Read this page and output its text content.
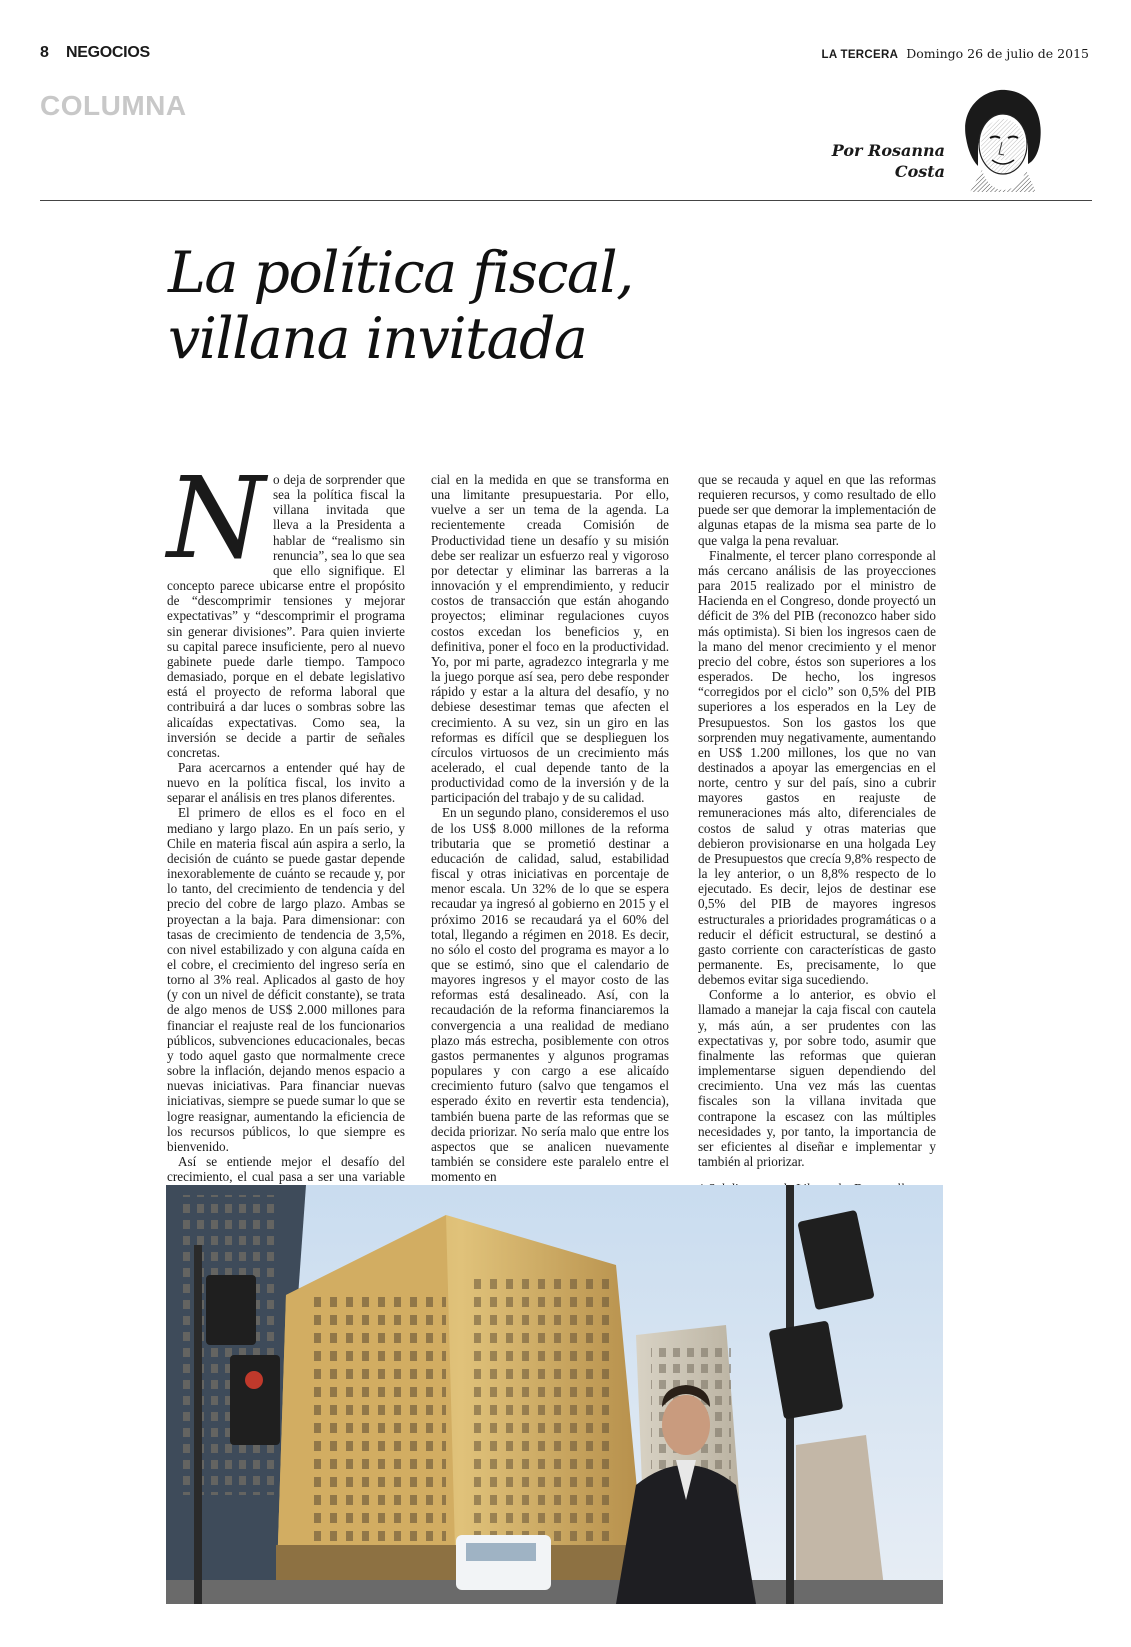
8 NEGOCIOS	LA TERCERA Domingo 26 de julio de 2015
COLUMNA
Por Rosanna
Costa
La política fiscal,
villana invitada
N o deja de sorprender que sea la política fiscal la villana invitada que lleva a la Presidenta a hablar de “realismo sin renuncia”, sea lo que sea que ello signifique. El concepto parece ubicarse entre el propósito de “descomprimir tensiones y mejorar expectativas” y “descomprimir el programa sin generar divisiones”. Para quien invierte su capital parece insuficiente, pero al nuevo gabinete puede darle tiempo. Tampoco demasiado, porque en el debate legislativo está el proyecto de reforma laboral que contribuirá a dar luces o sombras sobre las alicaídas expectativas. Como sea, la inversión se decide a partir de señales concretas.

Para acercarnos a entender qué hay de nuevo en la política fiscal, los invito a separar el análisis en tres planos diferentes.

El primero de ellos es el foco en el mediano y largo plazo. En un país serio, y Chile en materia fiscal aún aspira a serlo, la decisión de cuánto se puede gastar depende inexorablemente de cuánto se recaude y, por lo tanto, del crecimiento de tendencia y del precio del cobre de largo plazo. Ambas se proyectan a la baja. Para dimensionar: con tasas de crecimiento de tendencia de 3,5%, con nivel estabilizado y con alguna caída en el cobre, el crecimiento del ingreso sería en torno al 3% real. Aplicados al gasto de hoy (y con un nivel de déficit constante), se trata de algo menos de US$ 2.000 millones para financiar el reajuste real de los funcionarios públicos, subvenciones educacionales, becas y todo aquel gasto que normalmente crece sobre la inflación, dejando menos espacio a nuevas iniciativas. Para financiar nuevas iniciativas, siempre se puede sumar lo que se logre reasignar, aumentando la eficiencia de los recursos públicos, lo que siempre es bienvenido.

Así se entiende mejor el desafío del crecimiento, el cual pasa a ser una variable

cial en la medida en que se transforma en una limitante presupuestaria. Por ello, vuelve a ser un tema de la agenda. La recientemente creada Comisión de Productividad tiene un desafío y su misión debe ser realizar un esfuerzo real y vigoroso por detectar y eliminar las barreras a la innovación y el emprendimiento, y reducir costos de transacción que están ahogando proyectos; eliminar regulaciones cuyos costos excedan los beneficios y, en definitiva, poner el foco en la productividad. Yo, por mi parte, agradezco integrarla y me la juego porque así sea, pero debe responder rápido y estar a la altura del desafío, y no debiese desestimar temas que afecten el crecimiento. A su vez, sin un giro en las reformas es difícil que se desplieguen los círculos virtuosos de un crecimiento más acelerado, el cual depende tanto de la productividad como de la inversión y de la participación del trabajo y de su calidad.

En un segundo plano, consideremos el uso de los US$ 8.000 millones de la reforma tributaria que se prometió destinar a educación de calidad, salud, estabilidad fiscal y otras iniciativas en porcentaje de menor escala. Un 32% de lo que se espera recaudar ya ingresó al gobierno en 2015 y el próximo 2016 se recaudará ya el 60% del total, llegando a régimen en 2018. Es decir, no sólo el costo del programa es mayor a lo que se estimó, sino que el calendario de mayores ingresos y el mayor costo de las reformas está desalineado. Así, con la recaudación de la reforma financiaremos la convergencia a una realidad de mediano plazo más estrecha, posiblemente con otros gastos permanentes y algunos programas populares y con cargo a ese alicaído crecimiento futuro (salvo que tengamos el esperado éxito en revertir esta tendencia), también buena parte de las reformas que se decida priorizar. No sería malo que entre los aspectos que se analicen nuevamente también se considere este paralelo entre el momento en

que se recauda y aquel en que las reformas requieren recursos, y como resultado de ello puede ser que demorar la implementación de algunas etapas de la misma sea parte de lo que valga la pena revaluar.

Finalmente, el tercer plano corresponde al más cercano análisis de las proyecciones para 2015 realizado por el ministro de Hacienda en el Congreso, donde proyectó un déficit de 3% del PIB (reconozco haber sido más optimista). Si bien los ingresos caen de la mano del menor crecimiento y el menor precio del cobre, éstos son superiores a los esperados. De hecho, los ingresos “corregidos por el ciclo” son 0,5% del PIB superiores a los esperados en la Ley de Presupuestos. Son los gastos los que sorprenden muy negativamente, aumentando en US$ 1.200 millones, los que no van destinados a apoyar las emergencias en el norte, centro y sur del país, sino a cubrir mayores gastos en reajuste de remuneraciones más alto, diferenciales de costos de salud y otras materias que debieron provisionarse en una holgada Ley de Presupuestos que crecía 9,8% respecto de la ley anterior, o un 8,8% respecto de lo ejecutado. Es decir, lejos de destinar ese 0,5% del PIB de mayores ingresos estructurales a prioridades programáticas o a reducir el déficit estructural, se destinó a gasto corriente con características de gasto permanente. Es, precisamente, lo que debemos evitar siga sucediendo.

Conforme a lo anterior, es obvio el llamado a manejar la caja fiscal con cautela y, más aún, a ser prudentes con las expectativas y, por sobre todo, asumir que finalmente las reformas que quieran implementarse siguen dependiendo del crecimiento. Una vez más las cuentas fiscales son la villana invitada que contrapone la escasez con las múltiples necesidades y, por tanto, la importancia de ser eficientes al diseñar e implementar y también al priorizar.
